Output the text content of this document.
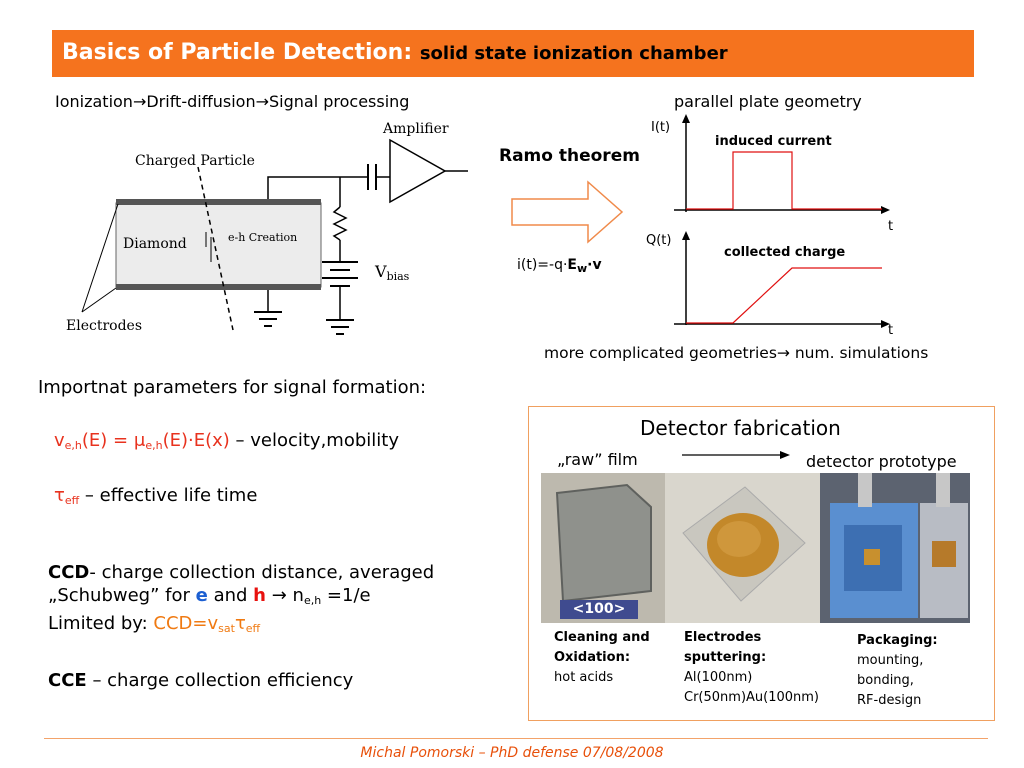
Basics of Particle Detection: solid state ionization chamber
Ionization→Drift-diffusion→Signal processing
Amplifier
Charged Particle
Diamond	e-h Creation
$V_{bias}$
Electrodes
Ramo theorem
$i(t)=-q\cdot E_w\cdot v$
parallel plate geometry
I(t)
induced current
t
Q(t)
collected charge
t
more complicated geometries→ num. simulations
Importnat parameters for signal formation:
$v_{e,h}(E) = \mu_{e,h}(E)\cdot E(x)$ – velocity,mobility
$\tau_{eff}$ – effective life time
CCD- charge collection distance, averaged
„Schubweg” for e and $h \to n_{e,h} =1/e$
Limited by: $CCD=v_{sat}\tau_{eff}$
CCE – charge collection efficiency
Detector fabrication
„raw” film	detector prototype
<100>
Cleaning and
Oxidation:
hot acids
Electrodes
sputtering:
Al(100nm)
Cr(50nm)Au(100nm)
Packaging:
mounting,
bonding,
RF-design
Michal Pomorski – PhD defense 07/08/2008
